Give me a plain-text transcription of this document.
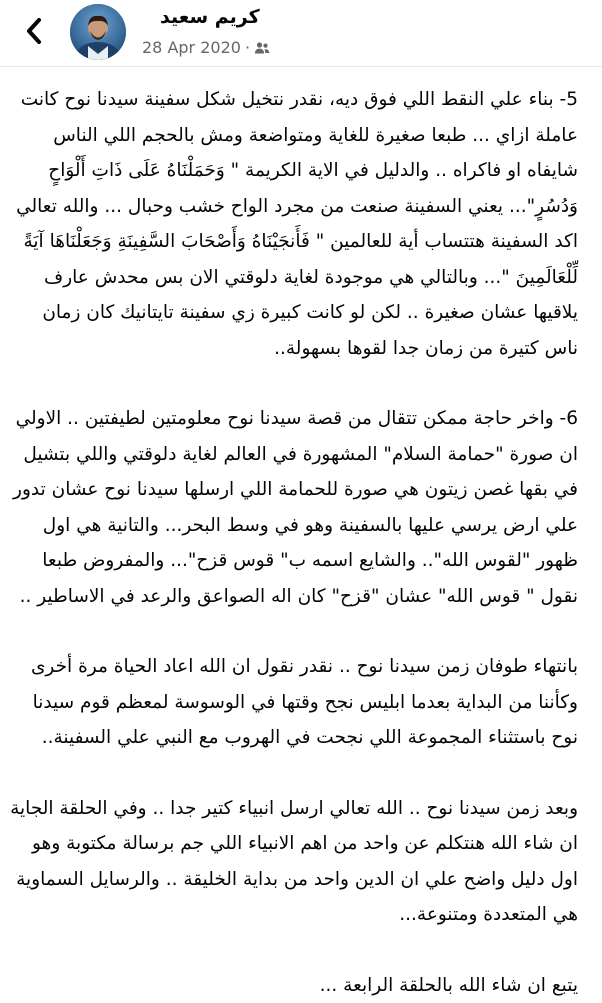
كريم سعيد
28 Apr 2020 ·

5- بناء علي النقط اللي فوق ديه، نقدر نتخيل شكل سفينة سيدنا نوح كانت عاملة ازاي ... طبعا صغيرة للغاية ومتواضعة ومش بالحجم اللي الناس شايفاه او فاكراه .. والدليل في الاية الكريمة " وَحَمَلْنَاهُ عَلَى ذَاتِ أَلْوَاحٍ وَدُسُرٍ"... يعني السفينة صنعت من مجرد الواح خشب وحبال ... والله تعالي اكد السفينة هتتساب أية للعالمين " فَأَنجَيْنَاهُ وَأَصْحَابَ السَّفِينَةِ وَجَعَلْنَاهَا آيَةً لِّلْعَالَمِينَ "... وبالتالي هي موجودة لغاية دلوقتي الان بس محدش عارف يلاقيها عشان صغيرة .. لكن لو كانت كبيرة زي سفينة تايتانيك كان زمان ناس كتيرة من زمان جدا لقوها بسهولة..

6- واخر حاجة ممكن تتقال من قصة سيدنا نوح معلومتين لطيفتين .. الاولي ان صورة "حمامة السلام" المشهورة في العالم لغاية دلوقتي واللي بتشيل في بقها غصن زيتون هي صورة للحمامة اللي ارسلها سيدنا نوح عشان تدور علي ارض يرسي عليها بالسفينة وهو في وسط البحر... والتانية هي اول ظهور "لقوس الله".. والشايع اسمه ب" قوس قزح"... والمفروض طبعا نقول " قوس الله" عشان "قزح" كان اله الصواعق والرعد في الاساطير ..

بانتهاء طوفان زمن سيدنا نوح .. نقدر نقول ان الله اعاد الحياة مرة أخرى وكأننا من البداية بعدما ابليس نجح وقتها في الوسوسة لمعظم قوم سيدنا نوح باستثناء المجموعة اللي نجحت في الهروب مع النبي علي السفينة..

وبعد زمن سيدنا نوح .. الله تعالي ارسل انبياء كتير جدا .. وفي الحلقة الجاية ان شاء الله هنتكلم عن واحد من اهم الانبياء اللي جم برسالة مكتوبة وهو اول دليل واضح علي ان الدين واحد من بداية الخليقة .. والرسايل السماوية هي المتعددة ومتنوعة...

يتبع ان شاء الله بالحلقة الرابعة ...
